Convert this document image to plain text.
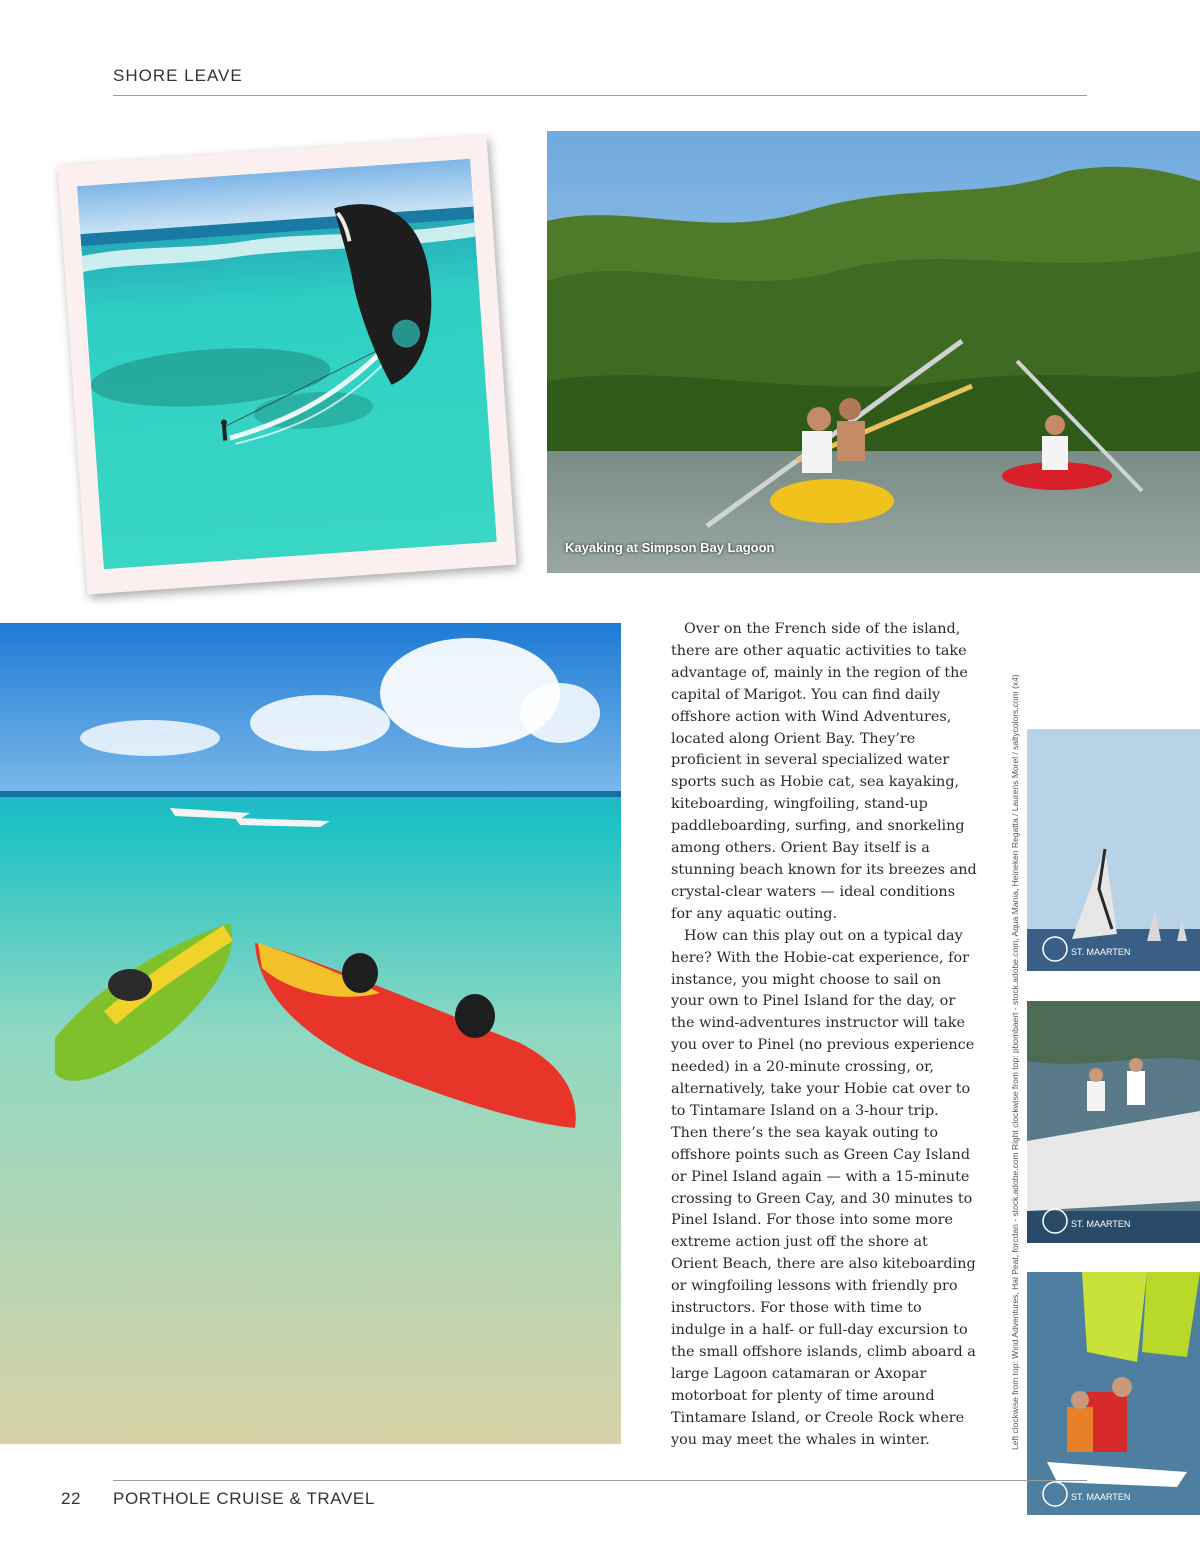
SHORE LEAVE
Kayaking at Simpson Bay Lagoon

Over on the French side of the island, there are other aquatic activities to take advantage of, mainly in the region of the capital of Marigot. You can find daily offshore action with Wind Adventures, located along Orient Bay. They’re proficient in several specialized water sports such as Hobie cat, sea kayaking, kiteboarding, wingfoiling, stand-up paddleboarding, surfing, and snorkeling among others. Orient Bay itself is a stunning beach known for its breezes and crystal-clear waters — ideal conditions for any aquatic outing.

How can this play out on a typical day here? With the Hobie-cat experience, for instance, you might choose to sail on your own to Pinel Island for the day, or the wind-adventures instructor will take you over to Pinel (no previous experience needed) in a 20-minute crossing, or, alternatively, take your Hobie cat over to to Tintamare Island on a 3-hour trip. Then there’s the sea kayak outing to offshore points such as Green Cay Island or Pinel Island again — with a 15-minute crossing to Green Cay, and 30 minutes to Pinel Island. For those into some more extreme action just off the shore at Orient Beach, there are also kiteboarding or wingfoiling lessons with friendly pro instructors. For those with time to indulge in a half- or full-day excursion to the small offshore islands, climb aboard a large Lagoon catamaran or Axopar motorboat for plenty of time around Tintamare Island, or Creole Rock where you may meet the whales in winter.	Left clockwise from top: Wind Adventures, Hal Peat, forcdan - stock.adobe.com Right clockwise from top: pbombaert - stock.adobe.com, Aqua Mania, Heineken Regatta / Laurens Morel / saltycolors.com (x4)	ST. MAARTEN
ST. MAARTEN
ST. MAARTEN
22 PORTHOLE CRUISE & TRAVEL
